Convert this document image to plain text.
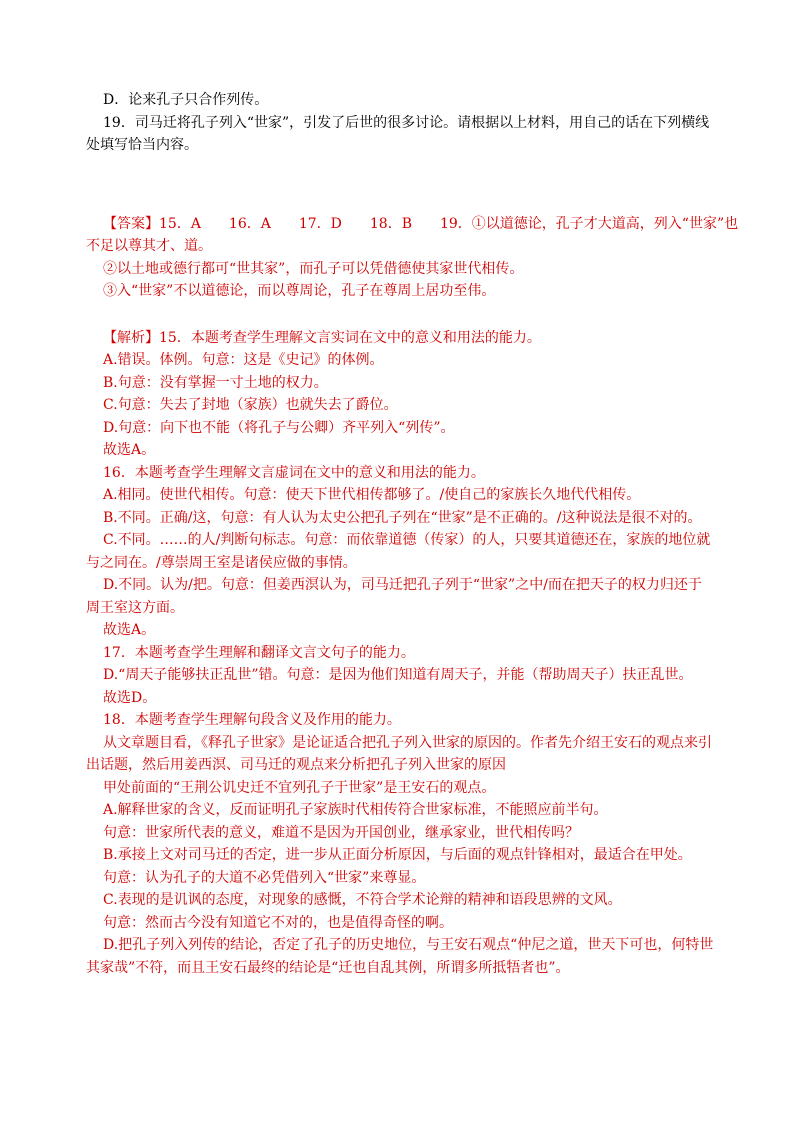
D．论来孔子只合作列传。

19．司马迁将孔子列入“世家”，引发了后世的很多讨论。请根据以上材料，用自己的话在下列横线

处填写恰当内容。

【答案】15．A　　16．A　　17．D　　18．B　　19．①以道德论，孔子才大道高，列入“世家”也

不足以尊其才、道。

②以土地或德行都可“世其家”，而孔子可以凭借德使其家世代相传。

③入“世家”不以道德论，而以尊周论，孔子在尊周上居功至伟。

【解析】15．本题考查学生理解文言实词在文中的意义和用法的能力。

A.错误。体例。句意：这是《史记》的体例。

B.句意：没有掌握一寸土地的权力。

C.句意：失去了封地（家族）也就失去了爵位。

D.句意：向下也不能（将孔子与公卿）齐平列入“列传”。

故选A。

16．本题考查学生理解文言虚词在文中的意义和用法的能力。

A.相同。使世代相传。句意：使天下世代相传都够了。/使自己的家族长久地代代相传。

B.不同。正确/这，句意：有人认为太史公把孔子列在“世家”是不正确的。/这种说法是很不对的。

C.不同。……的人/判断句标志。句意：而依靠道德（传家）的人，只要其道德还在，家族的地位就

与之同在。/尊崇周王室是诸侯应做的事情。

D.不同。认为/把。句意：但姜西溟认为，司马迁把孔子列于“世家”之中/而在把天子的权力归还于

周王室这方面。

故选A。

17．本题考查学生理解和翻译文言文句子的能力。

D.“周天子能够扶正乱世”错。句意：是因为他们知道有周天子，并能（帮助周天子）扶正乱世。

故选D。

18．本题考查学生理解句段含义及作用的能力。

从文章题目看，《释孔子世家》是论证适合把孔子列入世家的原因的。作者先介绍王安石的观点来引

出话题，然后用姜西溟、司马迁的观点来分析把孔子列入世家的原因

甲处前面的“王荆公讥史迁不宜列孔子于世家”是王安石的观点。

A.解释世家的含义，反而证明孔子家族时代相传符合世家标准，不能照应前半句。

句意：世家所代表的意义，难道不是因为开国创业，继承家业，世代相传吗？

B.承接上文对司马迁的否定，进一步从正面分析原因，与后面的观点针锋相对，最适合在甲处。

句意：认为孔子的大道不必凭借列入“世家”来尊显。

C.表现的是讥讽的态度，对现象的感慨，不符合学术论辩的精神和语段思辨的文风。

句意：然而古今没有知道它不对的，也是值得奇怪的啊。

D.把孔子列入列传的结论，否定了孔子的历史地位，与王安石观点“仲尼之道，世天下可也，何特世

其家哉”不符，而且王安石最终的结论是“迁也自乱其例，所谓多所抵牾者也”。
